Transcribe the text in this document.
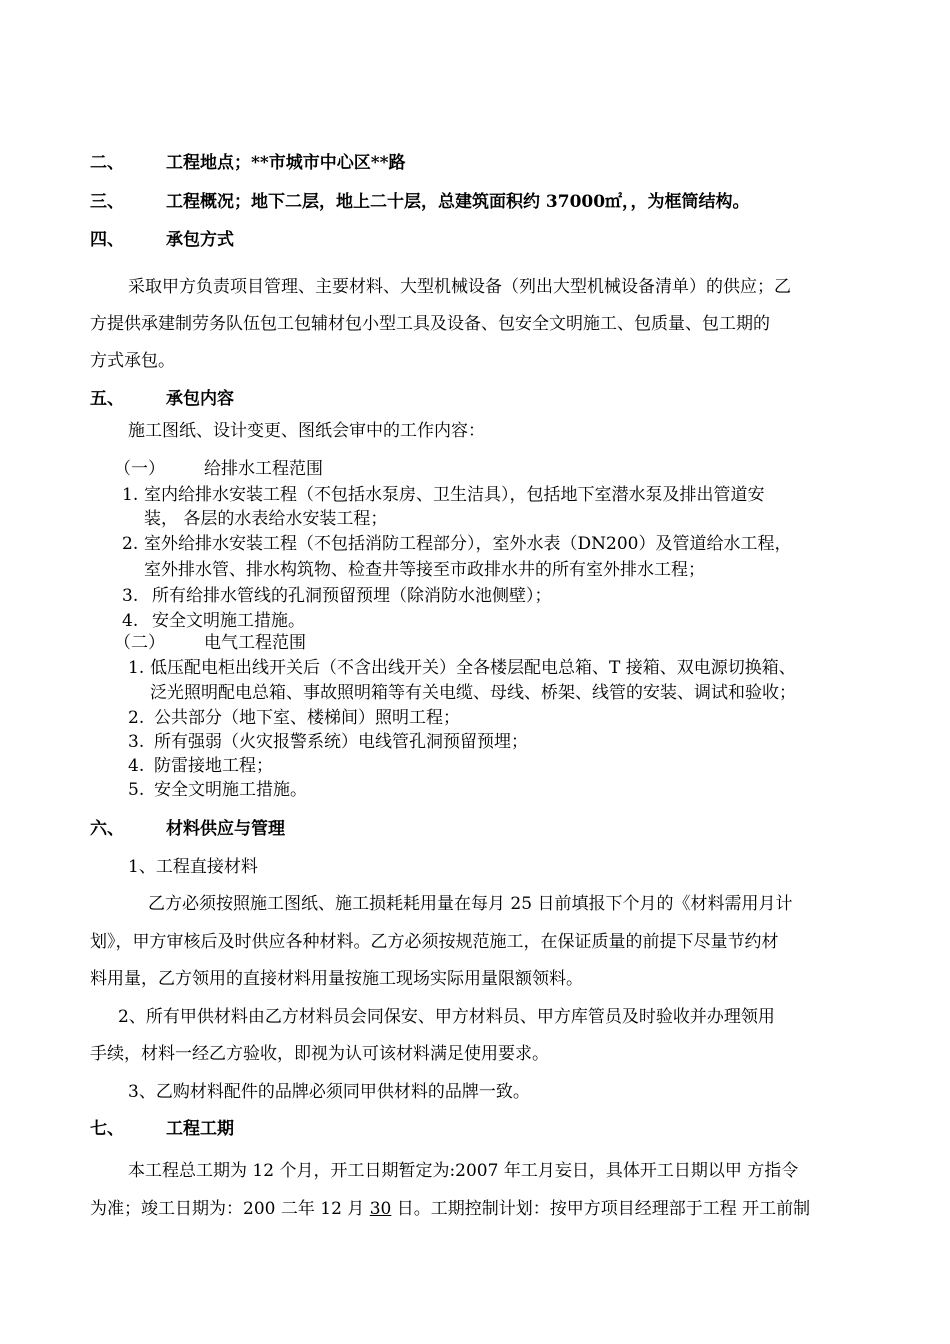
二、 工程地点；**市城市中心区**路
三、 工程概况；地下二层，地上二十层，总建筑面积约 37000㎡，，为框筒结构。
四、 承包方式
采取甲方负责项目管理、主要材料、大型机械设备（列出大型机械设备清单）的供应；乙
方提供承建制劳务队伍包工包辅材包小型工具及设备、包安全文明施工、包质量、包工期的
方式承包。
五、 承包内容
施工图纸、设计变更、图纸会审中的工作内容：
（一） 给排水工程范围
1. 室内给排水安装工程（不包括水泵房、卫生洁具），包括地下室潜水泵及排出管道安
装， 各层的水表给水安装工程；
2. 室外给排水安装工程（不包括消防工程部分），室外水表（DN200）及管道给水工程，
室外排水管、排水构筑物、检查井等接至市政排水井的所有室外排水工程；
3. 所有给排水管线的孔洞预留预埋（除消防水池侧壁）；
4. 安全文明施工措施。
（二） 电气工程范围
1. 低压配电柜出线开关后（不含出线开关）全各楼层配电总箱、T 接箱、双电源切换箱、
泛光照明配电总箱、事故照明箱等有关电缆、母线、桥架、线管的安装、调试和验收；
2. 公共部分（地下室、楼梯间）照明工程；
3. 所有强弱（火灾报警系统）电线管孔洞预留预埋；
4. 防雷接地工程；
5. 安全文明施工措施。
六、 材料供应与管理
1、工程直接材料
乙方必须按照施工图纸、施工损耗耗用量在每月 25 日前填报下个月的《材料需用月计
划》，甲方审核后及时供应各种材料。乙方必须按规范施工，在保证质量的前提下尽量节约材
料用量，乙方领用的直接材料用量按施工现场实际用量限额领料。
2、所有甲供材料由乙方材料员会同保安、甲方材料员、甲方库管员及时验收并办理领用
手续，材料一经乙方验收，即视为认可该材料满足使用要求。
3、乙购材料配件的品牌必须同甲供材料的品牌一致。
七、 工程工期
本工程总工期为 12 个月，开工日期暂定为:2007 年工月妄日，具体开工日期以甲 方指令
为准；竣工日期为：200 二年 12 月 30 日。工期控制计划：按甲方项目经理部于工程 开工前制
